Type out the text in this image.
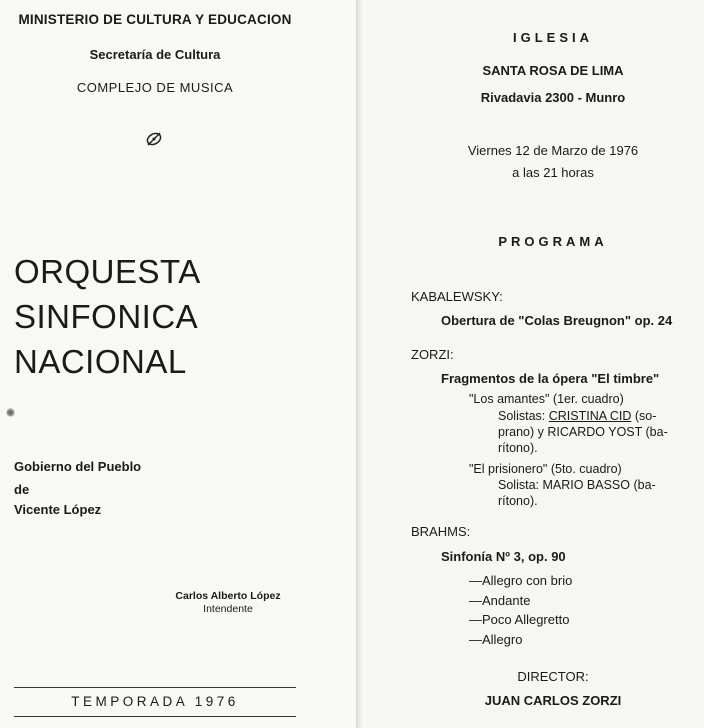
MINISTERIO DE CULTURA Y EDUCACION
Secretaría de Cultura
COMPLEJO DE MUSICA
ORQUESTA
SINFONICA
NACIONAL
Gobierno del Pueblo
de
Vicente López
Carlos Alberto López
Intendente
TEMPORADA 1976
IGLESIA
SANTA ROSA DE LIMA
Rivadavia 2300 - Munro
Viernes 12 de Marzo de 1976
a las 21 horas
PROGRAMA
KABALEWSKY:
Obertura de "Colas Breugnon" op. 24
ZORZI:
Fragmentos de la ópera "El timbre"
"Los amantes" (1er. cuadro)
Solistas: CRISTINA CID (so-
prano) y RICARDO YOST (ba-
rítono).
"El prisionero" (5to. cuadro)
Solista: MARIO BASSO (ba-
rítono).
BRAHMS:
Sinfonía Nº 3, op. 90
—Allegro con brio
—Andante
—Poco Allegretto
—Allegro
DIRECTOR:
JUAN CARLOS ZORZI
